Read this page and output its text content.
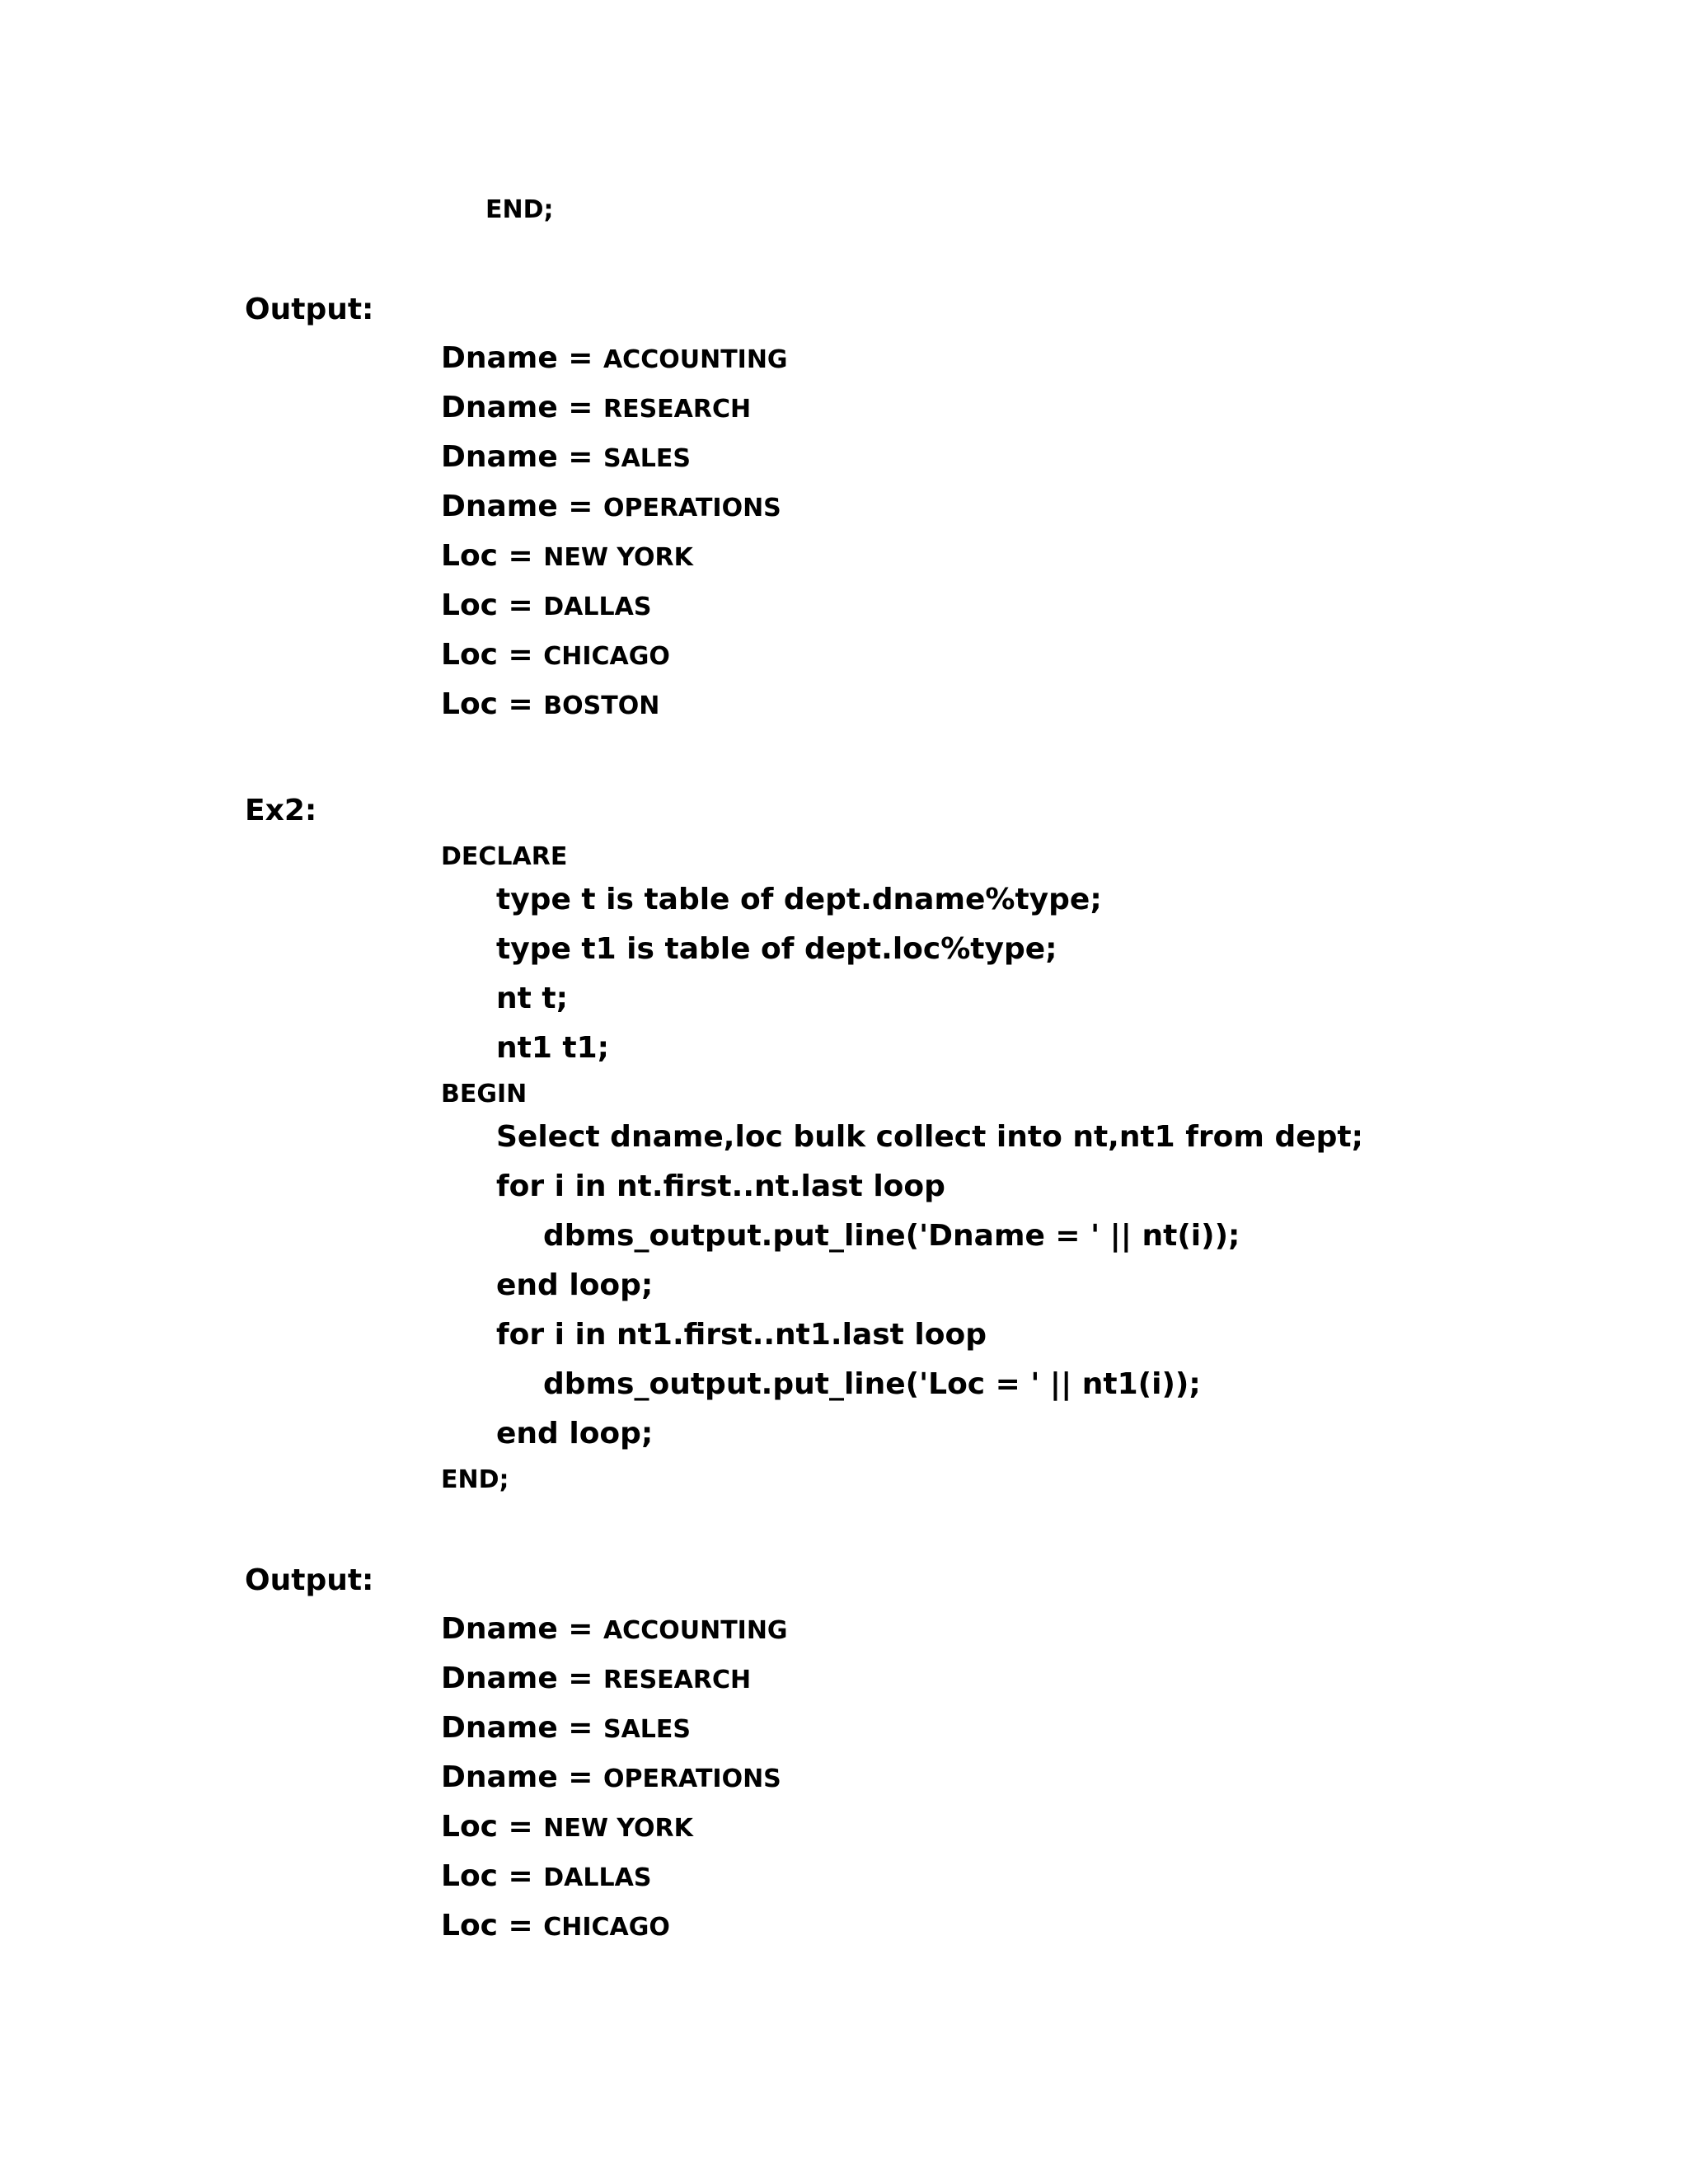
END;
Output:
Dname = ACCOUNTING
Dname = RESEARCH
Dname = SALES
Dname = OPERATIONS
Loc = NEW YORK
Loc = DALLAS
Loc = CHICAGO
Loc = BOSTON
Ex2:
DECLARE
type t is table of dept.dname%type;
type t1 is table of dept.loc%type;
nt t;
nt1 t1;
BEGIN
Select dname,loc bulk collect into nt,nt1 from dept;
for i in nt.first..nt.last loop
dbms_output.put_line('Dname = ' || nt(i));
end loop;
for i in nt1.first..nt1.last loop
dbms_output.put_line('Loc = ' || nt1(i));
end loop;
END;
Output:
Dname = ACCOUNTING
Dname = RESEARCH
Dname = SALES
Dname = OPERATIONS
Loc = NEW YORK
Loc = DALLAS
Loc = CHICAGO
